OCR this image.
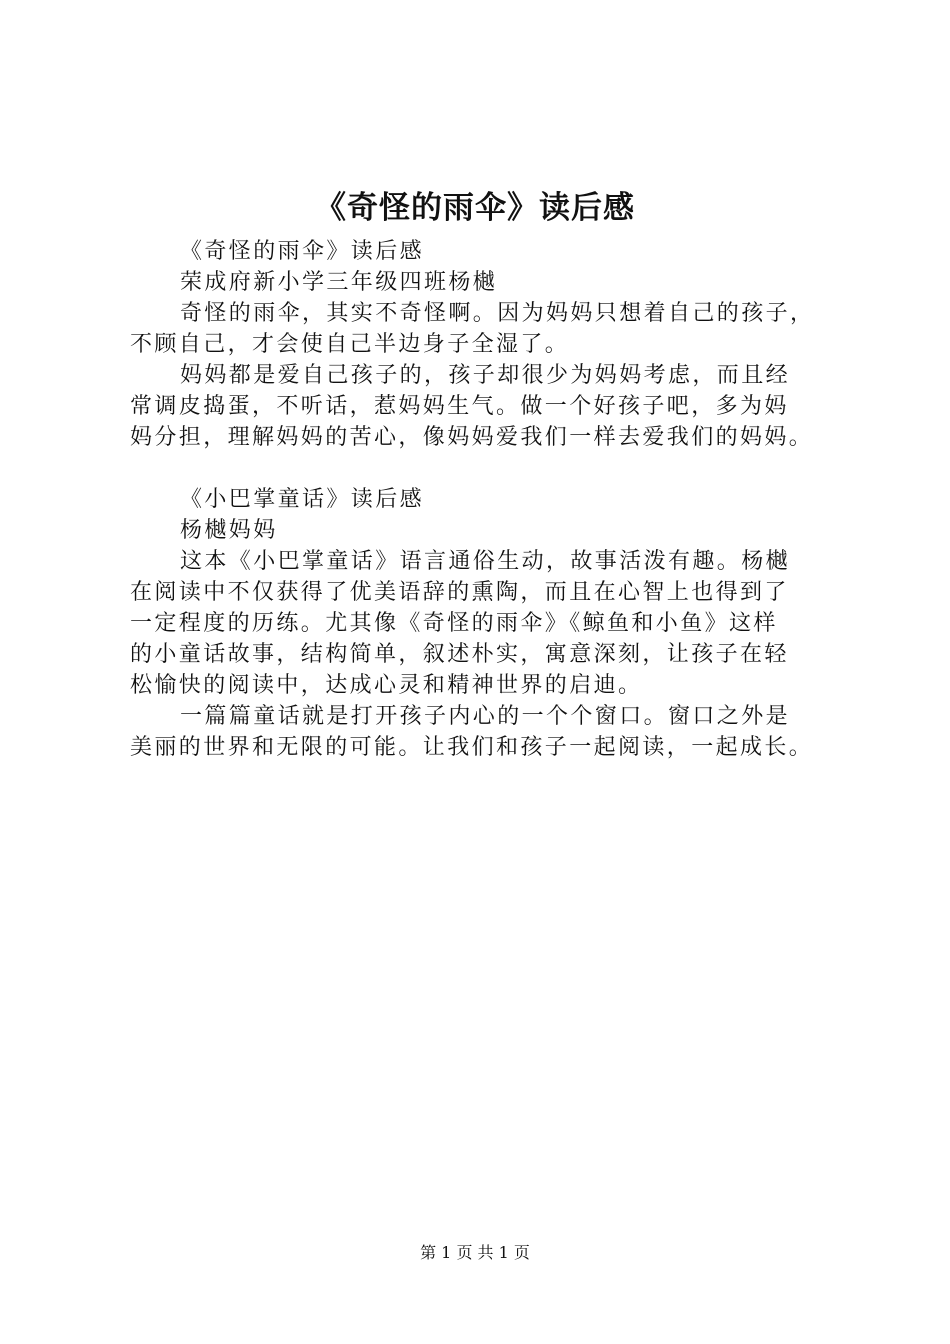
《奇怪的雨伞》读后感

《奇怪的雨伞》读后感

荣成府新小学三年级四班杨樾

奇怪的雨伞，其实不奇怪啊。因为妈妈只想着自己的孩子，

不顾自己，才会使自己半边身子全湿了。

妈妈都是爱自己孩子的，孩子却很少为妈妈考虑，而且经

常调皮捣蛋，不听话，惹妈妈生气。做一个好孩子吧，多为妈

妈分担，理解妈妈的苦心，像妈妈爱我们一样去爱我们的妈妈。

《小巴掌童话》读后感

杨樾妈妈

这本《小巴掌童话》语言通俗生动，故事活泼有趣。杨樾

在阅读中不仅获得了优美语辞的熏陶，而且在心智上也得到了

一定程度的历练。尤其像《奇怪的雨伞》《鲸鱼和小鱼》这样

的小童话故事，结构简单，叙述朴实，寓意深刻，让孩子在轻

松愉快的阅读中，达成心灵和精神世界的启迪。

一篇篇童话就是打开孩子内心的一个个窗口。窗口之外是

美丽的世界和无限的可能。让我们和孩子一起阅读，一起成长。

第 1 页 共 1 页
